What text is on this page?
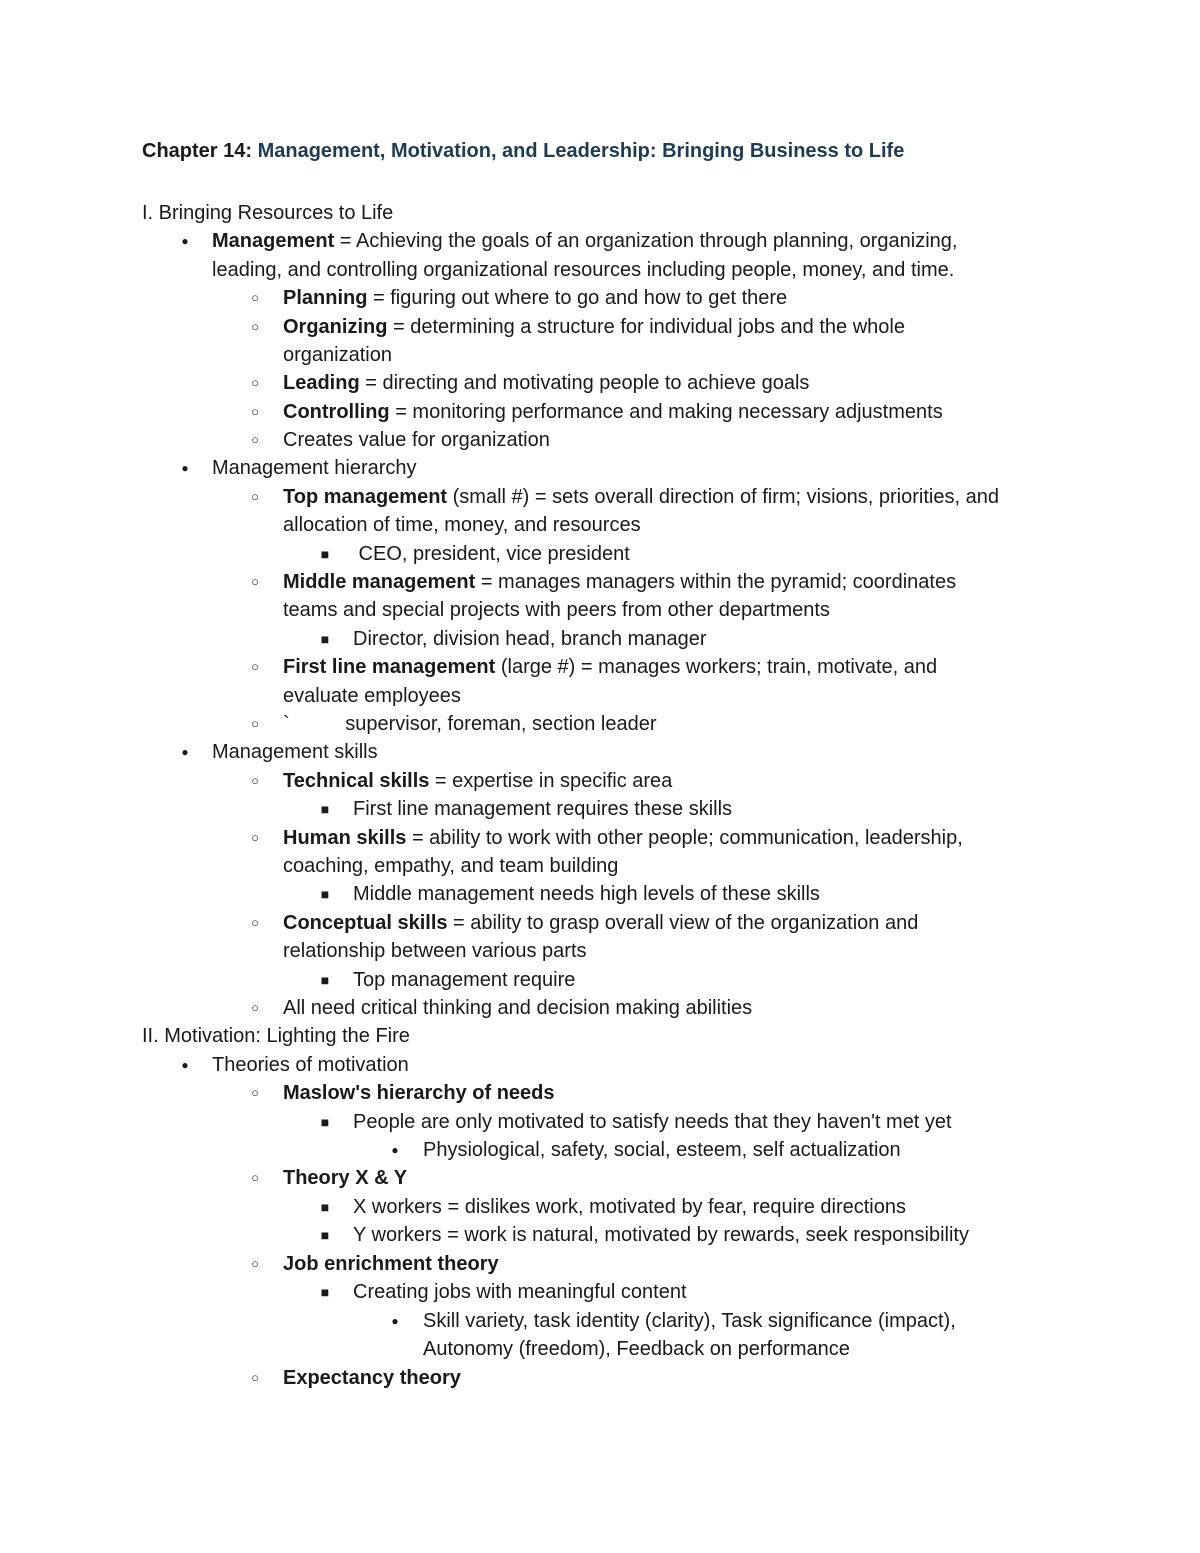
Chapter 14: Management, Motivation, and Leadership: Bringing Business to Life
I. Bringing Resources to Life
● Management = Achieving the goals of an organization through planning, organizing,
leading, and controlling organizational resources including people, money, and time.
○ Planning = figuring out where to go and how to get there
○ Organizing = determining a structure for individual jobs and the whole
organization
○ Leading = directing and motivating people to achieve goals
○ Controlling = monitoring performance and making necessary adjustments
○ Creates value for organization
● Management hierarchy
○ Top management (small #) = sets overall direction of firm; visions, priorities, and
allocation of time, money, and resources
■ CEO, president, vice president
○ Middle management = manages managers within the pyramid; coordinates
teams and special projects with peers from other departments
■ Director, division head, branch manager
○ First line management (large #) = manages workers; train, motivate, and
evaluate employees
○ `          supervisor, foreman, section leader
● Management skills
○ Technical skills = expertise in specific area
■ First line management requires these skills
○ Human skills = ability to work with other people; communication, leadership,
coaching, empathy, and team building
■ Middle management needs high levels of these skills
○ Conceptual skills = ability to grasp overall view of the organization and
relationship between various parts
■ Top management require
○ All need critical thinking and decision making abilities
II. Motivation: Lighting the Fire
● Theories of motivation
○ Maslow's hierarchy of needs
■ People are only motivated to satisfy needs that they haven't met yet
● Physiological, safety, social, esteem, self actualization
○ Theory X & Y
■ X workers = dislikes work, motivated by fear, require directions
■ Y workers = work is natural, motivated by rewards, seek responsibility
○ Job enrichment theory
■ Creating jobs with meaningful content
● Skill variety, task identity (clarity), Task significance (impact),
Autonomy (freedom), Feedback on performance
○ Expectancy theory
